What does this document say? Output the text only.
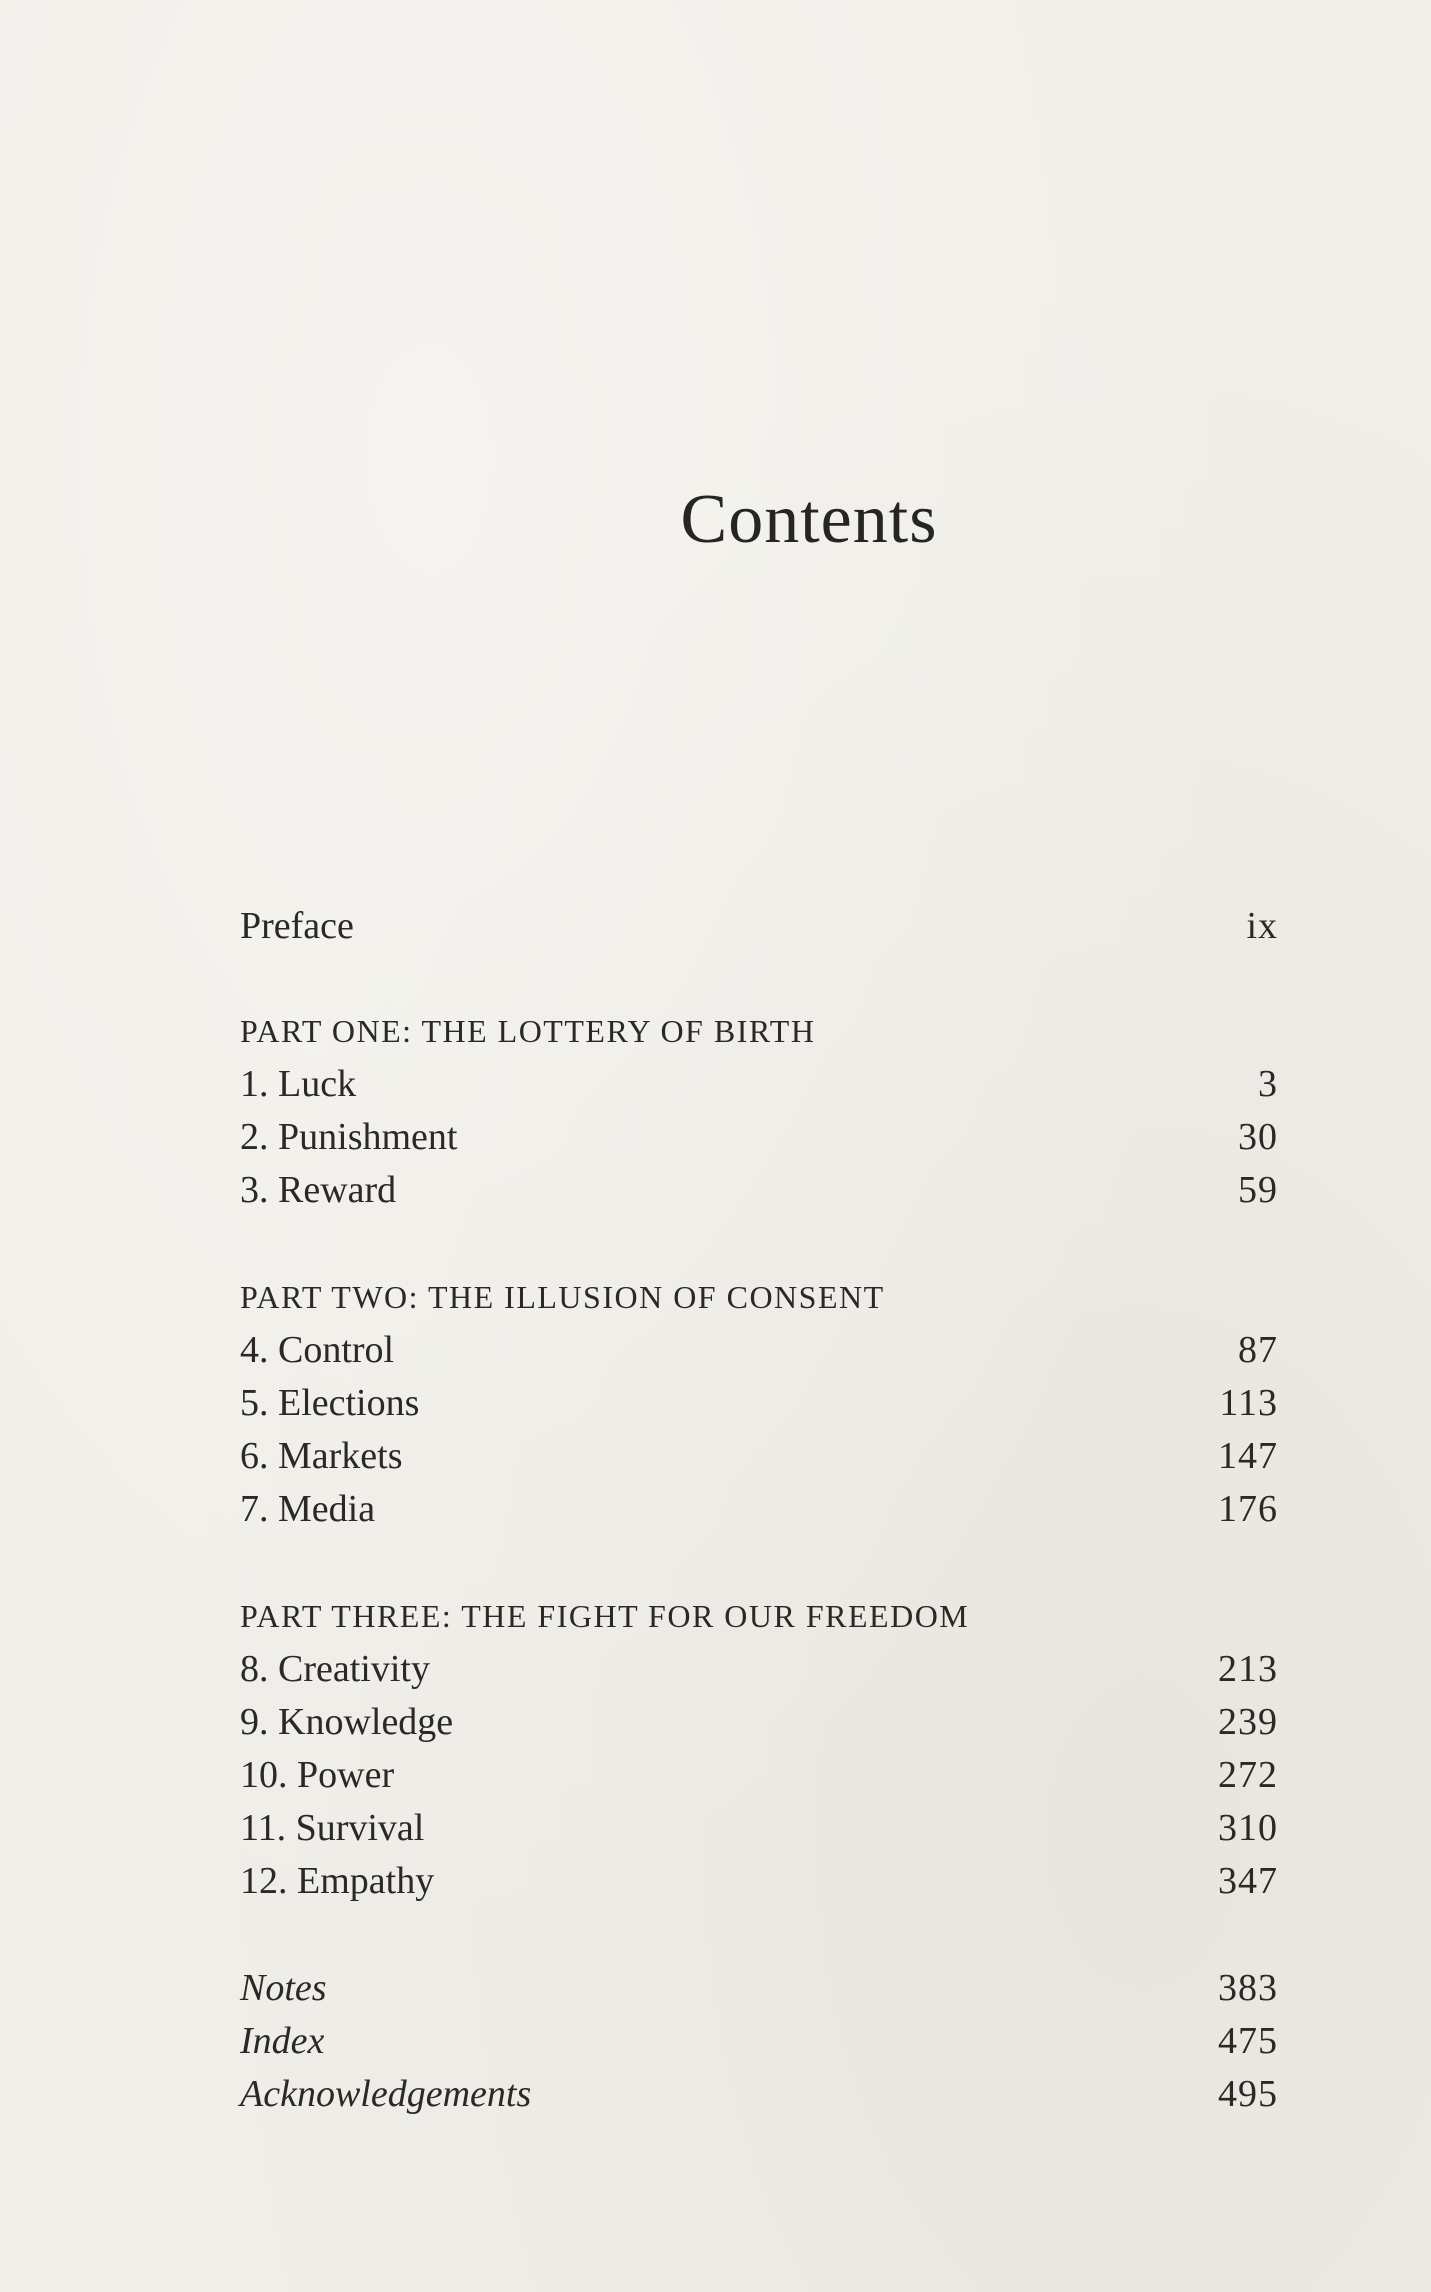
Contents
Preface	ix
PART ONE: THE LOTTERY OF BIRTH
1. Luck	3
2. Punishment	30
3. Reward	59
PART TWO: THE ILLUSION OF CONSENT
4. Control	87
5. Elections	113
6. Markets	147
7. Media	176
PART THREE: THE FIGHT FOR OUR FREEDOM
8. Creativity	213
9. Knowledge	239
10. Power	272
11. Survival	310
12. Empathy	347
Notes	383
Index	475
Acknowledgements	495
